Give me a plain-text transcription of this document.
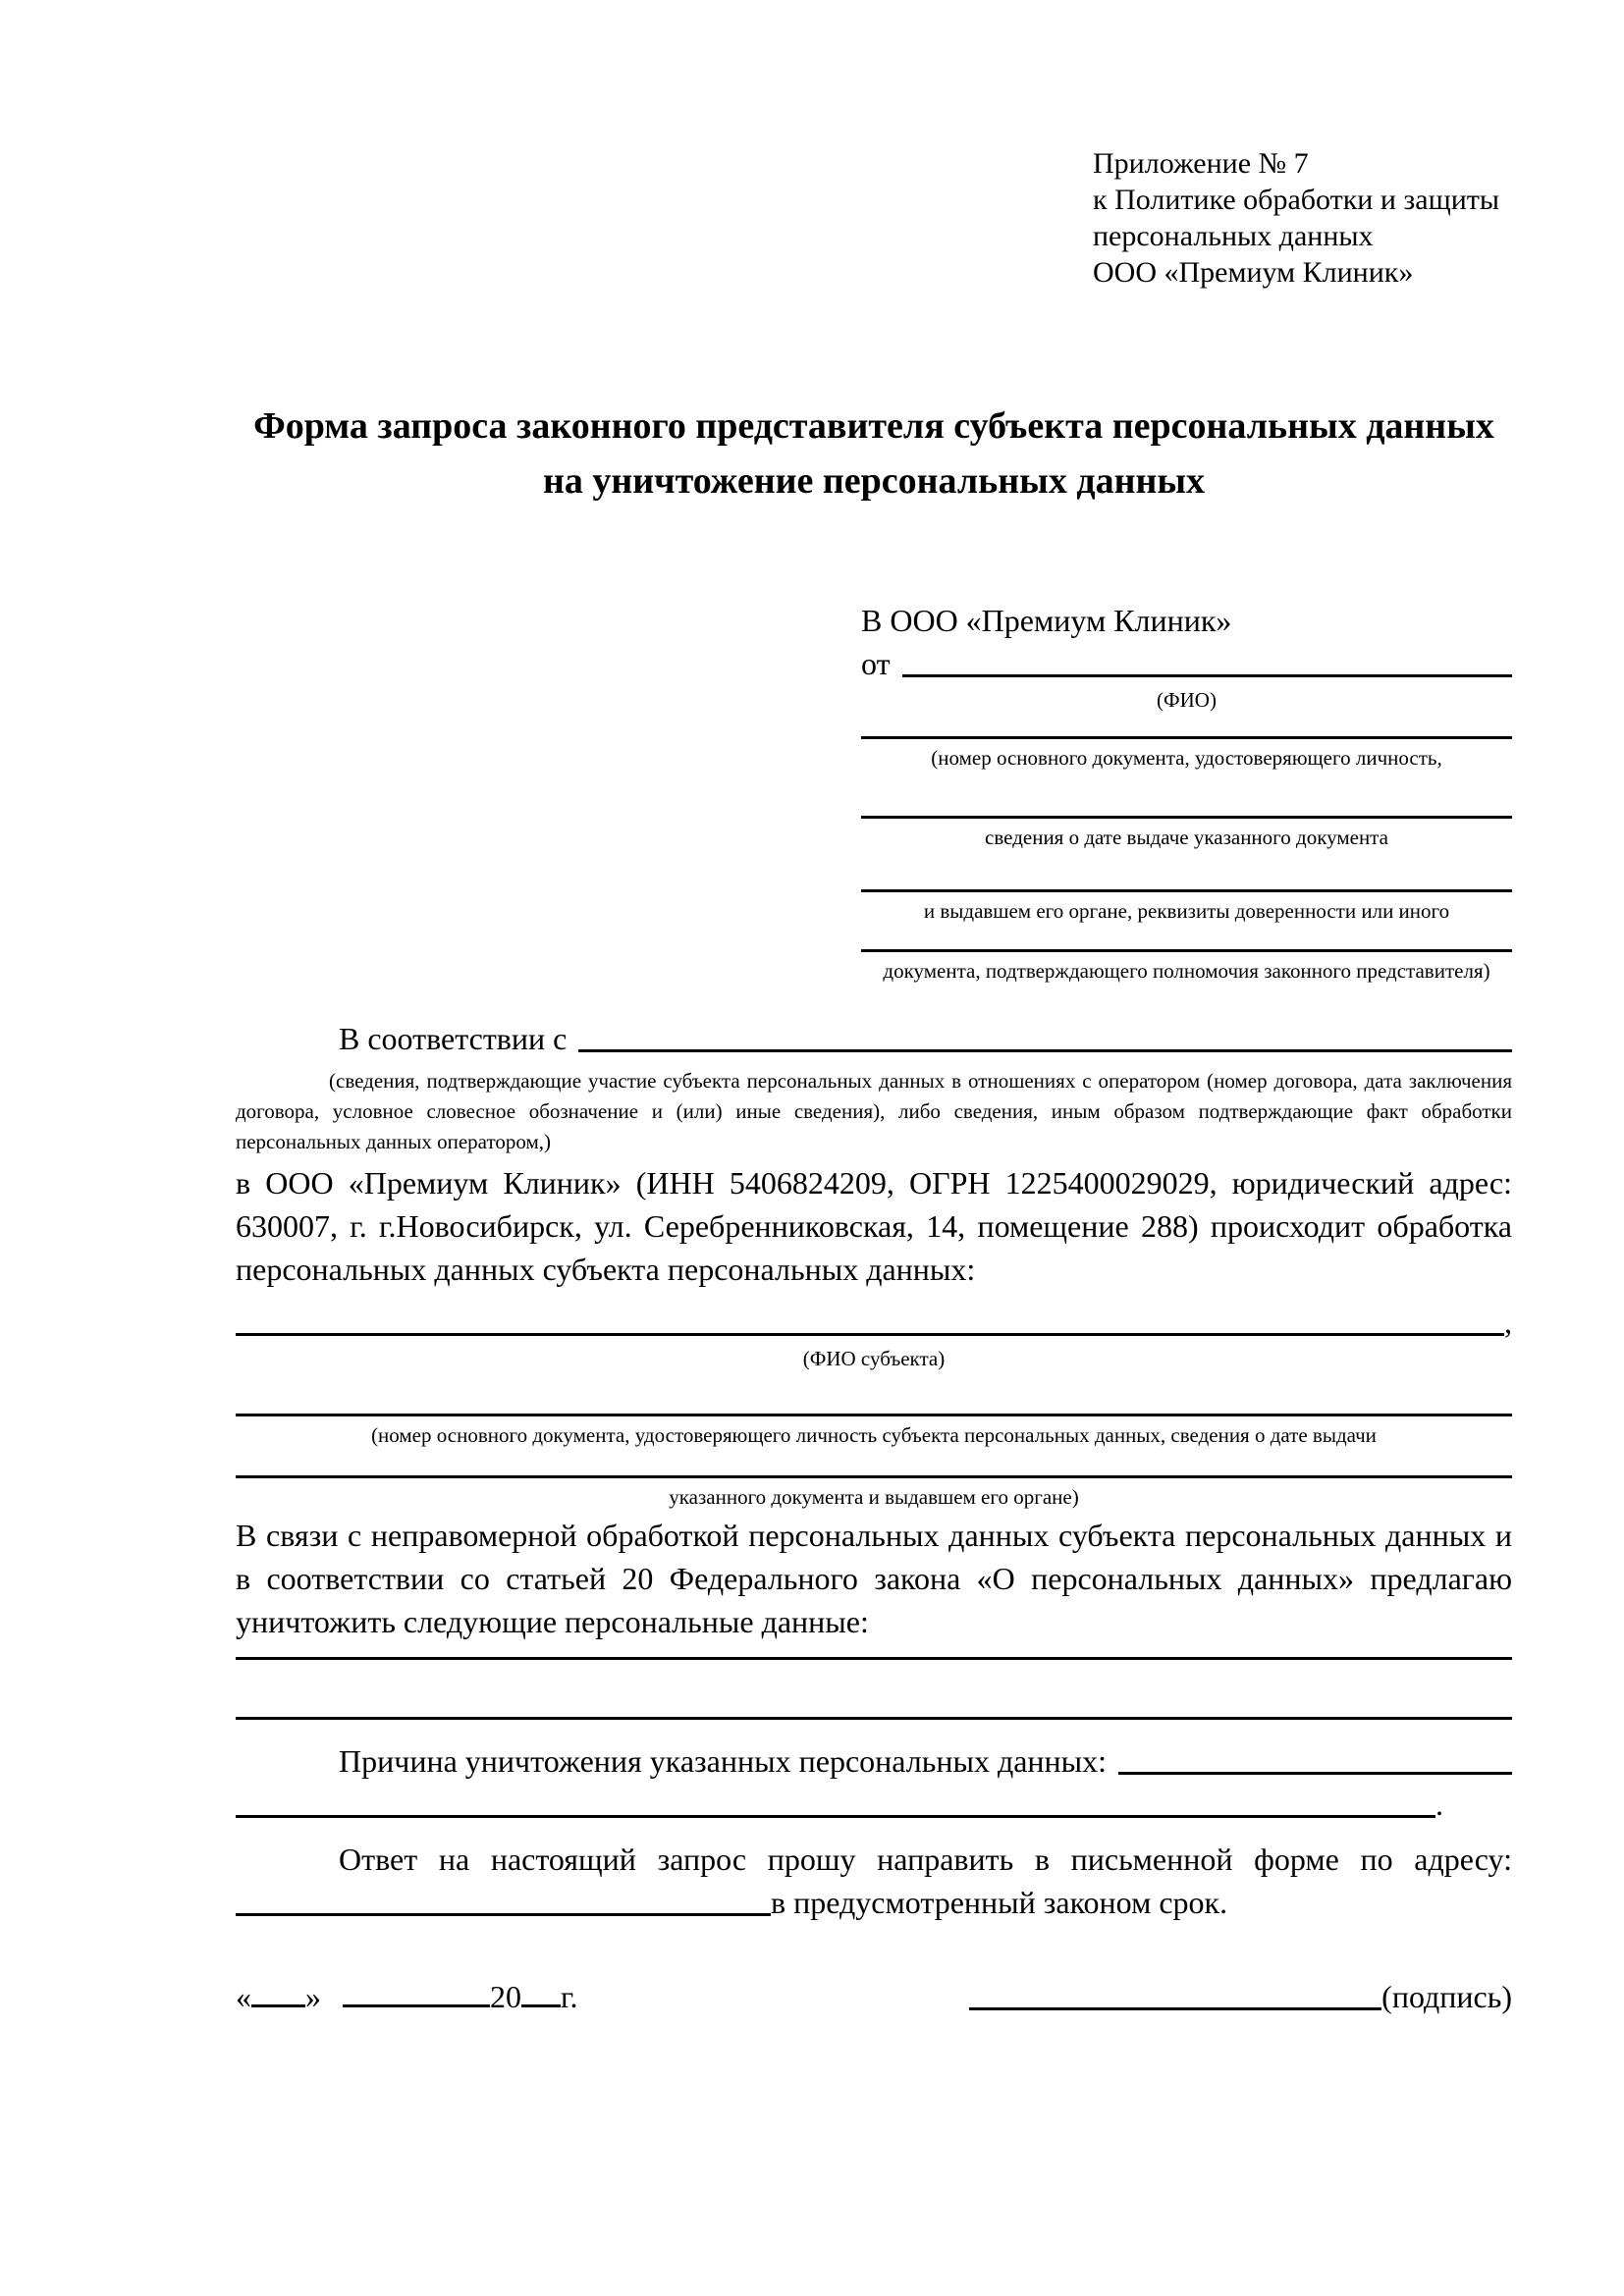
Приложение № 7
к Политике обработки и защиты
персональных данных
ООО «Премиум Клиник»
Форма запроса законного представителя субъекта персональных данных
на уничтожение персональных данных
В ООО «Премиум Клиник»
от
(ФИО)
(номер основного документа, удостоверяющего личность,
сведения о дате выдаче указанного документа
и выдавшем его органе, реквизиты доверенности или иного
документа, подтверждающего полномочия законного представителя)
В соответствии с

(сведения, подтверждающие участие субъекта персональных данных в отношениях с оператором (номер договора, дата заключения договора, условное словесное обозначение и (или) иные сведения), либо сведения, иным образом подтверждающие факт обработки персональных данных оператором,)

в ООО «Премиум Клиник» (ИНН 5406824209, ОГРН 1225400029029, юридический адрес: 630007, г. г.Новосибирск, ул. Серебренниковская, 14, помещение 288) происходит обработка персональных данных субъекта персональных данных:

,
(ФИО субъекта)
(номер основного документа, удостоверяющего личность субъекта персональных данных, сведения о дате выдачи
указанного документа и выдавшем его органе)

В связи с неправомерной обработкой персональных данных субъекта персональных данных и в соответствии со статьей 20 Федерального закона «О персональных данных» предлагаю уничтожить следующие персональные данные:

Причина уничтожения указанных персональных данных:
.

Ответ на настоящий запрос прошу направить в письменной форме по адресу:

в предусмотренный законом срок.
« »	20 г.	(подпись)
